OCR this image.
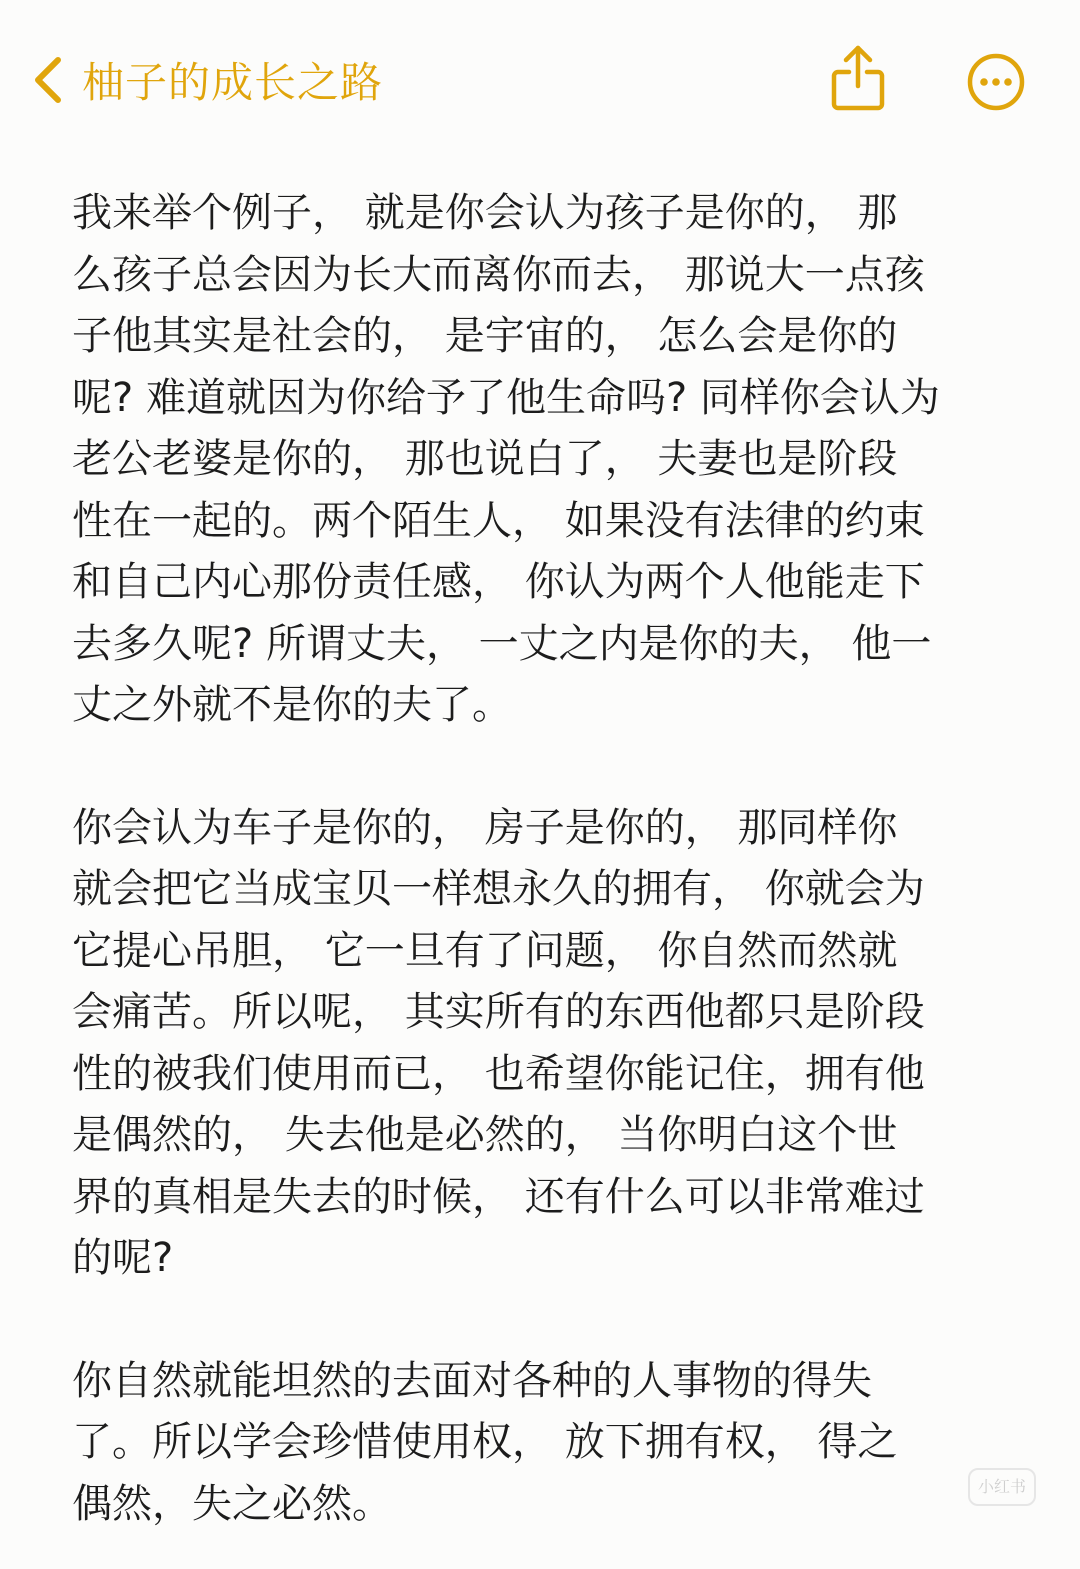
柚子的成长之路

我来举个例子， 就是你会认为孩子是你的， 那
么孩子总会因为长大而离你而去， 那说大一点孩
子他其实是社会的， 是宇宙的， 怎么会是你的
呢? 难道就因为你给予了他生命吗? 同样你会认为
老公老婆是你的， 那也说白了， 夫妻也是阶段
性在一起的。两个陌生人， 如果没有法律的约束
和自己内心那份责任感， 你认为两个人他能走下
去多久呢? 所谓丈夫， 一丈之内是你的夫， 他一
丈之外就不是你的夫了。

你会认为车子是你的， 房子是你的， 那同样你
就会把它当成宝贝一样想永久的拥有， 你就会为
它提心吊胆， 它一旦有了问题， 你自然而然就
会痛苦。所以呢， 其实所有的东西他都只是阶段
性的被我们使用而已， 也希望你能记住，拥有他
是偶然的， 失去他是必然的， 当你明白这个世
界的真相是失去的时候， 还有什么可以非常难过
的呢?

你自然就能坦然的去面对各种的人事物的得失
了。所以学会珍惜使用权， 放下拥有权， 得之
偶然，失之必然。	小红书
